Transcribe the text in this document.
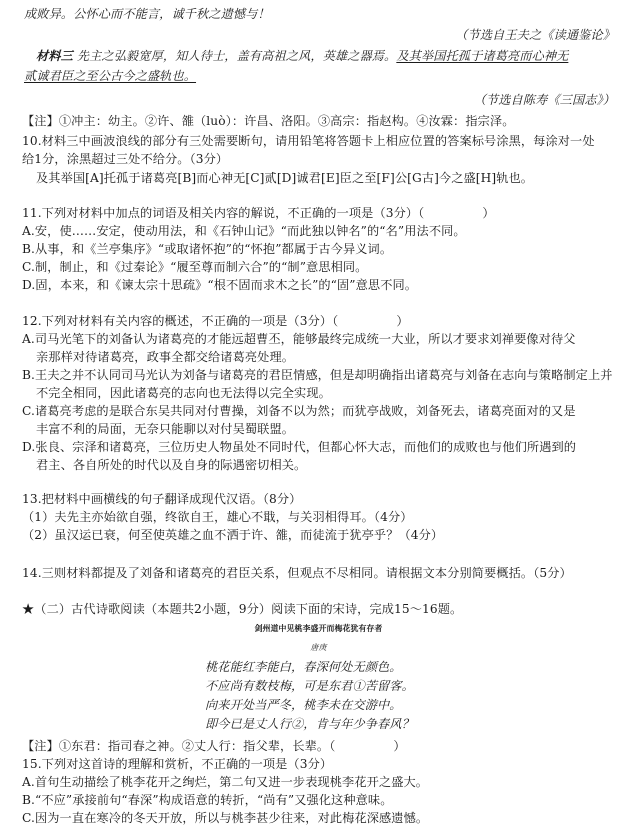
成败异。公怀心而不能言，诚千秋之遗憾与！
（节选自王夫之《读通鉴论》
材料三 先主之弘毅宽厚，知人待士，盖有高祖之风，英雄之器焉。及其举国托孤于诸葛亮而心神无
贰诚君臣之至公古今之盛轨也。
（节选自陈寿《三国志》）
【注】①冲主：幼主。②许、雒（luò）：许昌、洛阳。③高宗：指赵构。④汝霖：指宗泽。
10.材料三中画波浪线的部分有三处需要断句，请用铅笔将答题卡上相应位置的答案标号涂黑，每涂对一处
给1分，涂黑超过三处不给分。（3分）
及其举国[A]托孤于诸葛亮[B]而心神无[C]贰[D]诚君[E]臣之至[F]公[G古]今之盛[H]轨也。
11.下列对材料中加点的词语及相关内容的解说，不正确的一项是（3分）（	）
A.安，使……安定，使动用法，和《石钟山记》“而此独以钟名”的“名”用法不同。
B.从事，和《兰亭集序》“或取诸怀抱”的“怀抱”都属于古今异义词。
C.制，制止，和《过秦论》“履至尊而制六合”的“制”意思相同。
D.固，本来，和《谏太宗十思疏》“根不固而求木之长”的“固”意思不同。
12.下列对材料有关内容的概述，不正确的一项是（3分）（	）
A.司马光笔下的刘备认为诸葛亮的才能远超曹丕，能够最终完成统一大业，所以才要求刘禅要像对待父
亲那样对待诸葛亮，政事全都交给诸葛亮处理。
B.王夫之并不认同司马光认为刘备与诸葛亮的君臣情感，但是却明确指出诸葛亮与刘备在志向与策略制定上并
不完全相同，因此诸葛亮的志向也无法得以完全实现。
C.诸葛亮考虑的是联合东吴共同对付曹操，刘备不以为然；而犹亭战败，刘备死去，诸葛亮面对的又是
丰富不利的局面，无奈只能聊以对付吴蜀联盟。
D.张良、宗泽和诸葛亮，三位历史人物虽处不同时代，但都心怀大志，而他们的成败也与他们所遇到的
君主、各自所处的时代以及自身的际遇密切相关。
13.把材料中画横线的句子翻译成现代汉语。（8分）
（1）夫先主亦始欲自强，终欲自王，雄心不戢，与关羽相得耳。（4分）
（2）虽汉运已衰，何至使英雄之血不洒于许、雒，而徒流于犹亭乎？（4分）
14.三则材料都提及了刘备和诸葛亮的君臣关系，但观点不尽相同。请根据文本分别简要概括。（5分）
★（二）古代诗歌阅读（本题共2小题，9分）阅读下面的宋诗，完成15～16题。
剑州道中见桃李盛开而梅花犹有存者
唐庚
桃花能红李能白，春深何处无颜色。
不应尚有数枝梅，可是东君①苦留客。
向来开处当严冬，桃李未在交游中。
即今已是丈人行②，肯与年少争春风？
【注】①东君：指司春之神。②丈人行：指父辈，长辈。（	）
15.下列对这首诗的理解和赏析，不正确的一项是（3分）
A.首句生动描绘了桃李花开之绚烂，第二句又进一步表现桃李花开之盛大。
B.“不应”承接前句“春深”构成语意的转折，“尚有”又强化这种意味。
C.因为一直在寒冷的冬天开放，所以与桃李甚少往来，对此梅花深感遗憾。
